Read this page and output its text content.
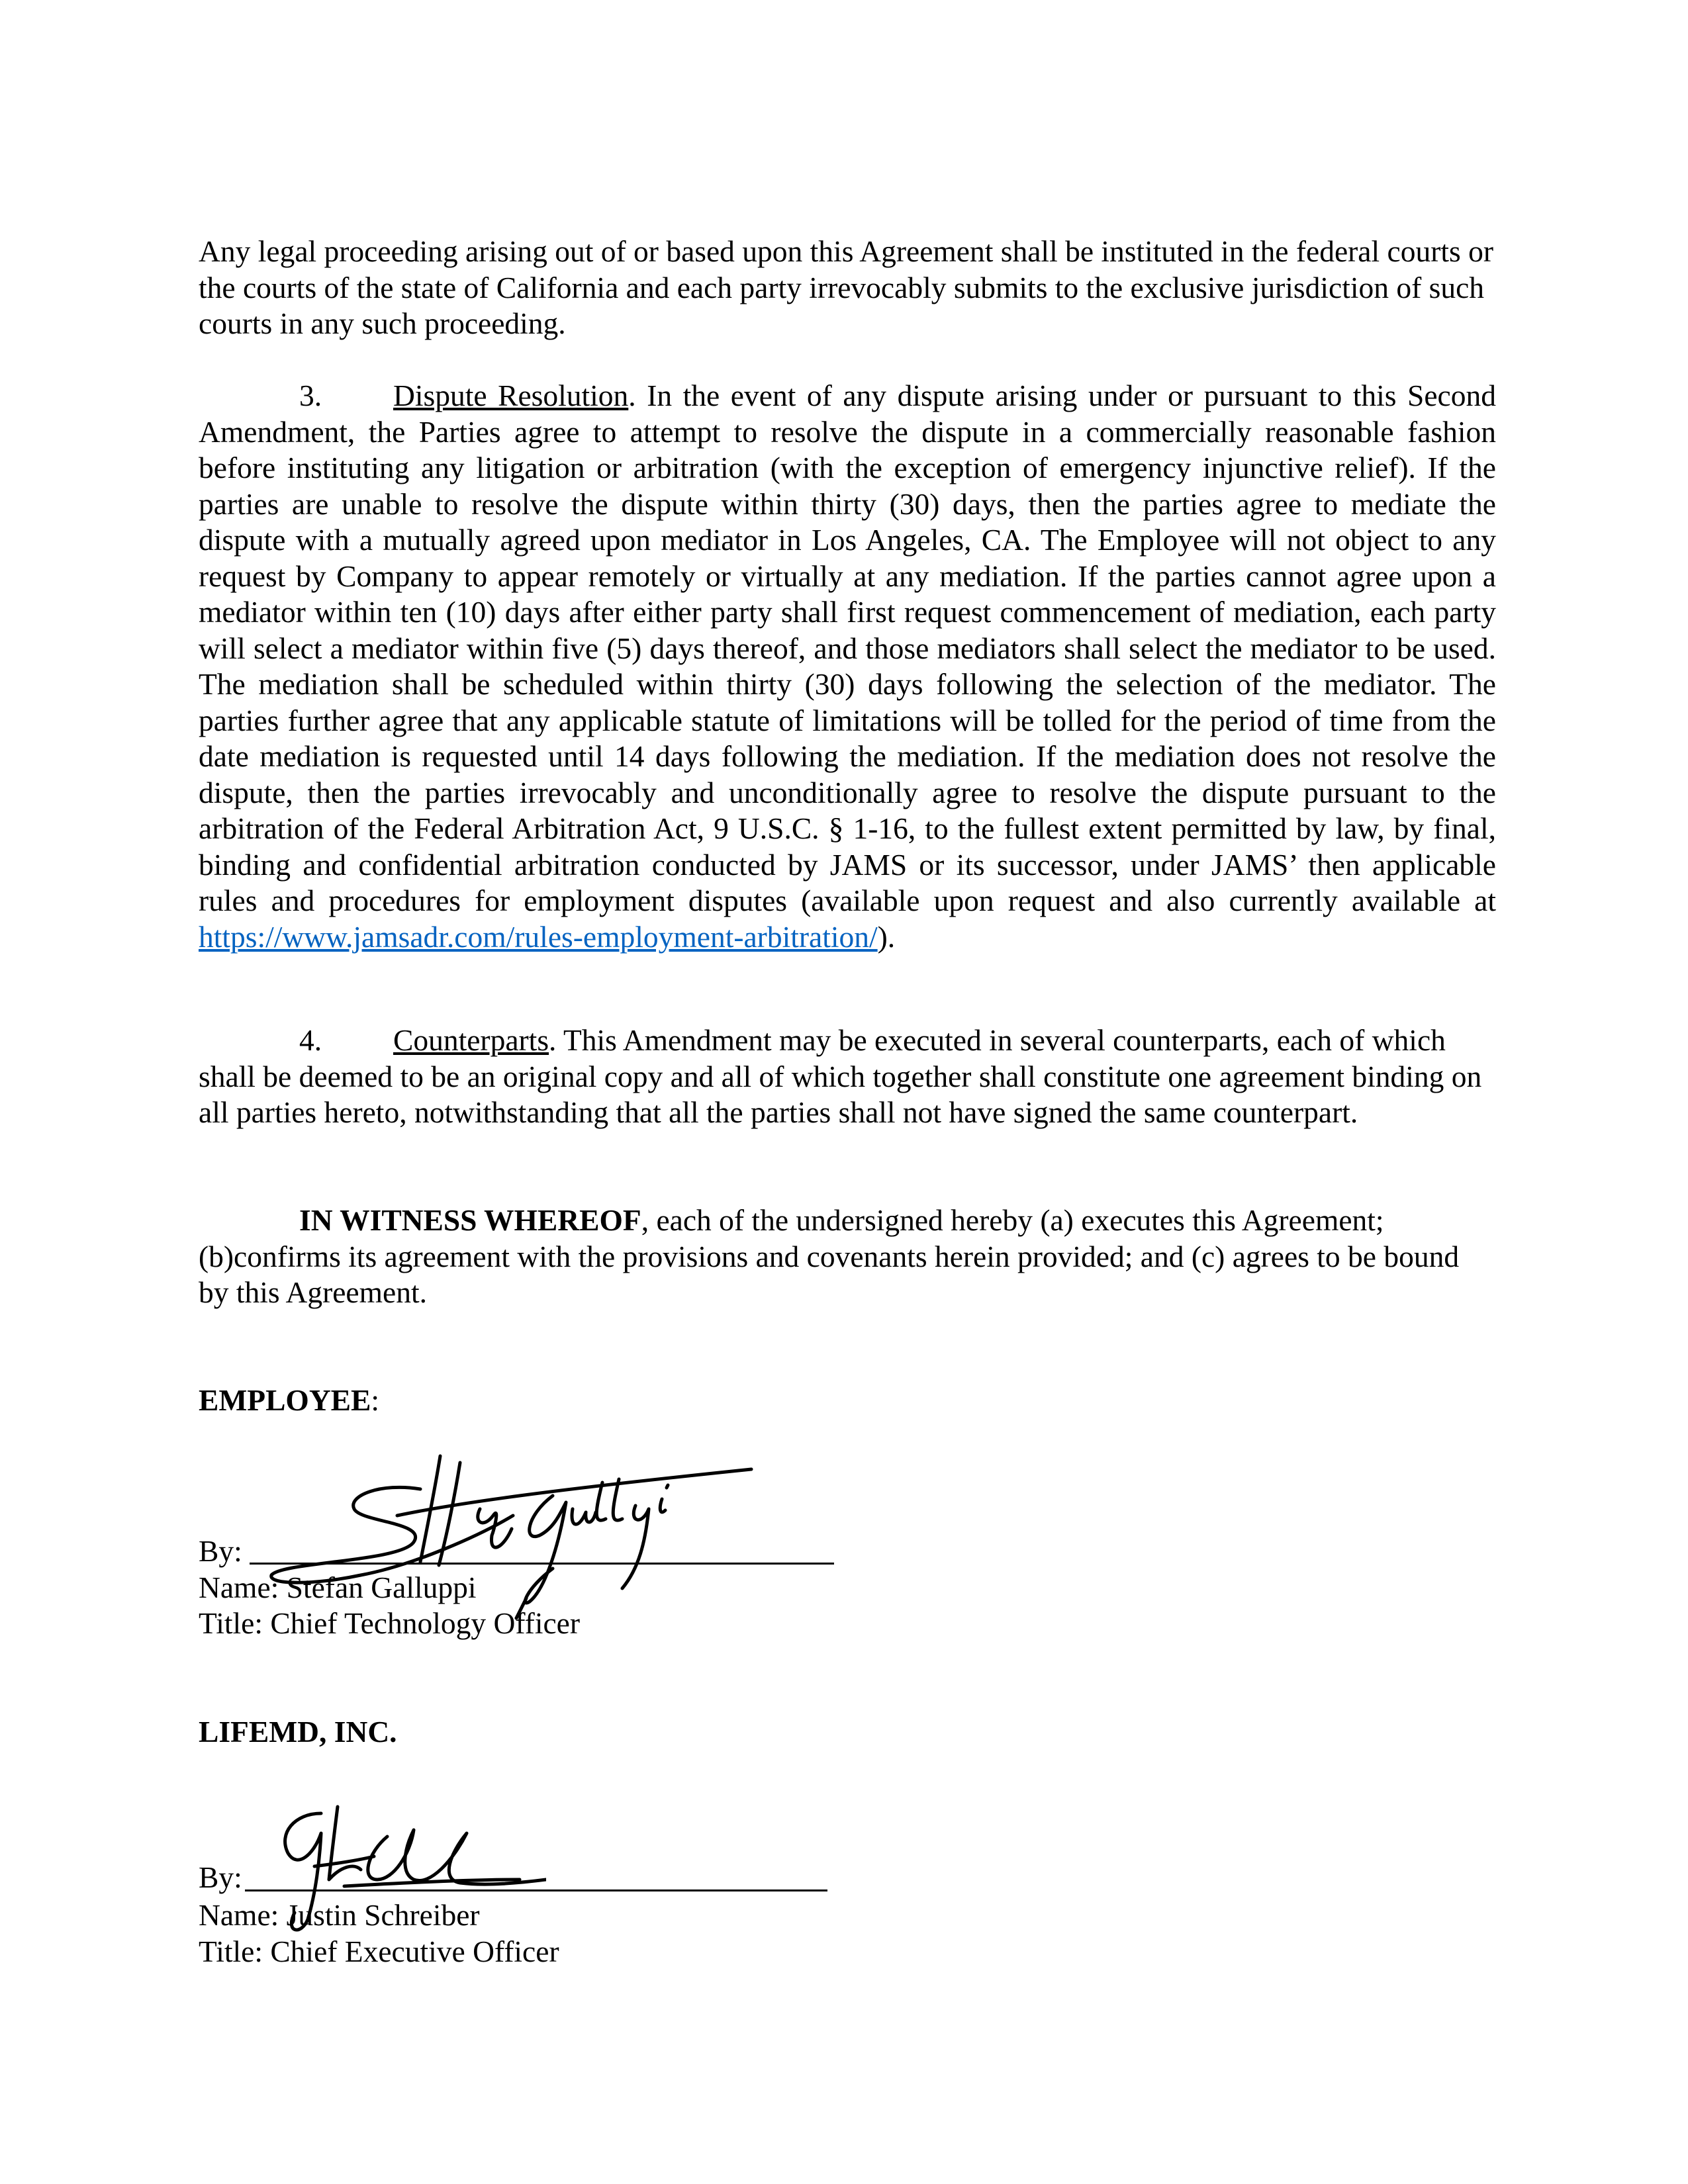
Any legal proceeding arising out of or based upon this Agreement shall be instituted in the federal courts or the courts of the state of California and each party irrevocably submits to the exclusive jurisdiction of such courts in any such proceeding.

3. Dispute Resolution. In the event of any dispute arising under or pursuant to this Second Amendment, the Parties agree to attempt to resolve the dispute in a commercially reasonable fashion before instituting any litigation or arbitration (with the exception of emergency injunctive relief). If the parties are unable to resolve the dispute within thirty (30) days, then the parties agree to mediate the dispute with a mutually agreed upon mediator in Los Angeles, CA. The Employee will not object to any request by Company to appear remotely or virtually at any mediation. If the parties cannot agree upon a mediator within ten (10) days after either party shall first request commencement of mediation, each party will select a mediator within five (5) days thereof, and those mediators shall select the mediator to be used. The mediation shall be scheduled within thirty (30) days following the selection of the mediator. The parties further agree that any applicable statute of limitations will be tolled for the period of time from the date mediation is requested until 14 days following the mediation. If the mediation does not resolve the dispute, then the parties irrevocably and unconditionally agree to resolve the dispute pursuant to the arbitration of the Federal Arbitration Act, 9 U.S.C. § 1-16, to the fullest extent permitted by law, by final, binding and confidential arbitration conducted by JAMS or its successor, under JAMS’ then applicable rules and procedures for employment disputes (available upon request and also currently available at https://www.jamsadr.com/rules-employment-arbitration/).

4. Counterparts. This Amendment may be executed in several counterparts, each of which shall be deemed to be an original copy and all of which together shall constitute one agreement binding on all parties hereto, notwithstanding that all the parties shall not have signed the same counterpart.

IN WITNESS WHEREOF, each of the undersigned hereby (a) executes this Agreement; (b)confirms its agreement with the provisions and covenants herein provided; and (c) agrees to be bound by this Agreement.

EMPLOYEE:
By:
Name: Stefan Galluppi
Title: Chief Technology Officer
LIFEMD, INC.
By:
Name: Justin Schreiber
Title: Chief Executive Officer
